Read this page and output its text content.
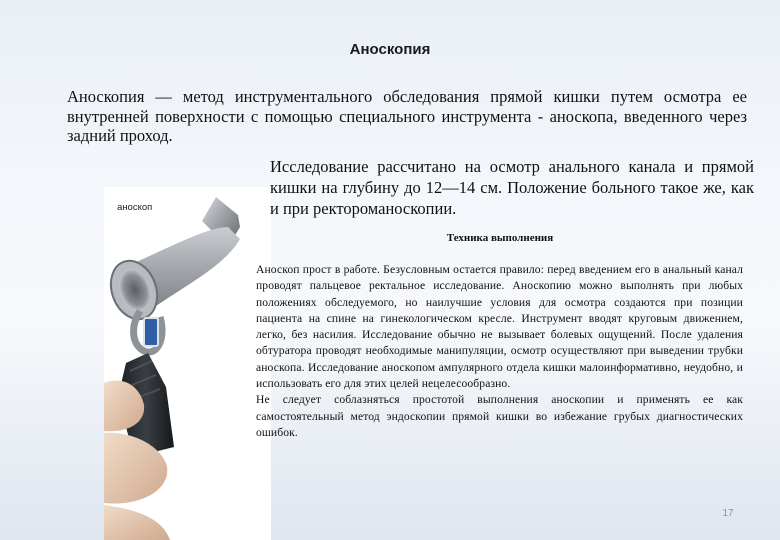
Аноскопия
Аноскопия — метод инструментального обследования прямой кишки путем осмотра ее внутренней поверхности с помощью специального инструмента - аноскопа, введенного через задний проход.
аноскоп
Исследование рассчитано на осмотр анального канала и прямой кишки на глубину до 12—14 см. Положение больного такое же, как и при ректороманоскопии.
Техника выполнения

Аноскоп прост в работе. Безусловным остается правило: перед введением его в анальный канал проводят пальцевое ректальное исследование. Аноскопию можно выполнять при любых положениях обследуемого, но наилучшие условия для осмотра создаются при позиции пациента на спине на гинекологическом кресле. Инструмент вводят круговым движением, легко, без насилия. Исследование обычно не вызывает болевых ощущений. После удаления обтуратора проводят необходимые манипуляции, осмотр осуществляют при выведении трубки аноскопа. Исследование аноскопом ампулярного отдела кишки малоинформативно, неудобно, и использовать его для этих целей нецелесообразно.

Не следует соблазняться простотой выполнения аноскопии и применять ее как самостоятельный метод эндоскопии прямой кишки во избежание грубых диагностических ошибок.

17
